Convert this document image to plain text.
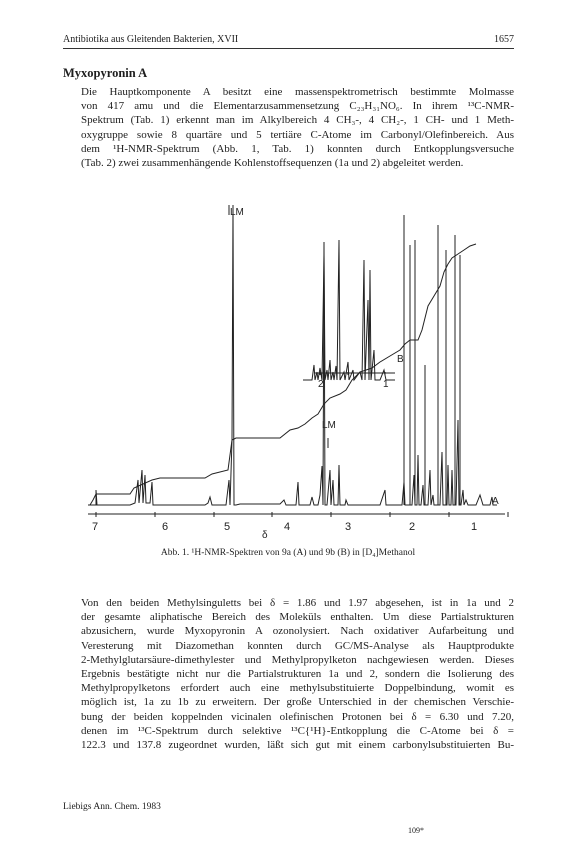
Antibiotika aus Gleitenden Bakterien, XVII	1657
Myxopyronin A
Die Hauptkomponente A besitzt eine massenspektrometrisch bestimmte Molmasse
von 417 amu und die Elementarzusammensetzung C₂₃H₃₁NO₆. In ihrem ¹³C-NMR-
Spektrum (Tab. 1) erkennt man im Alkylbereich 4 CH₃-, 4 CH₂-, 1 CH- und 1 Meth-
oxygruppe sowie 8 quartäre und 5 tertiäre C-Atome im Carbonyl/Olefinbereich. Aus
dem ¹H-NMR-Spektrum (Abb. 1, Tab. 1) konnten durch Entkopplungsversuche
(Tab. 2) zwei zusammenhängende Kohlenstoffsequenzen (1a und 2) abgeleitet werden.
LM
LM
B
A
2	1
7	6	5	4	3	2	1
δ
Abb. 1. ¹H-NMR-Spektren von 9a (A) und 9b (B) in [D₄]Methanol
Von den beiden Methylsinguletts bei δ = 1.86 und 1.97 abgesehen, ist in 1a und 2
der gesamte aliphatische Bereich des Moleküls enthalten. Um diese Partialstrukturen
abzusichern, wurde Myxopyronin A ozonolysiert. Nach oxidativer Aufarbeitung und
Veresterung mit Diazomethan konnten durch GC/MS-Analyse als Hauptprodukte
2-Methylglutarsäure-dimethylester und Methylpropylketon nachgewiesen werden. Dieses
Ergebnis bestätigte nicht nur die Partialstrukturen 1a und 2, sondern die Isolierung des
Methylpropylketons erfordert auch eine methylsubstituierte Doppelbindung, womit es
möglich ist, 1a zu 1b zu erweitern. Der große Unterschied in der chemischen Verschie-
bung der beiden koppelnden vicinalen olefinischen Protonen bei δ = 6.30 und 7.20,
denen im ¹³C-Spektrum durch selektive ¹³C{¹H}-Entkopplung die C-Atome bei δ =
122.3 und 137.8 zugeordnet wurden, läßt sich gut mit einem carbonylsubstituierten Bu-
Liebigs Ann. Chem. 1983
109*
